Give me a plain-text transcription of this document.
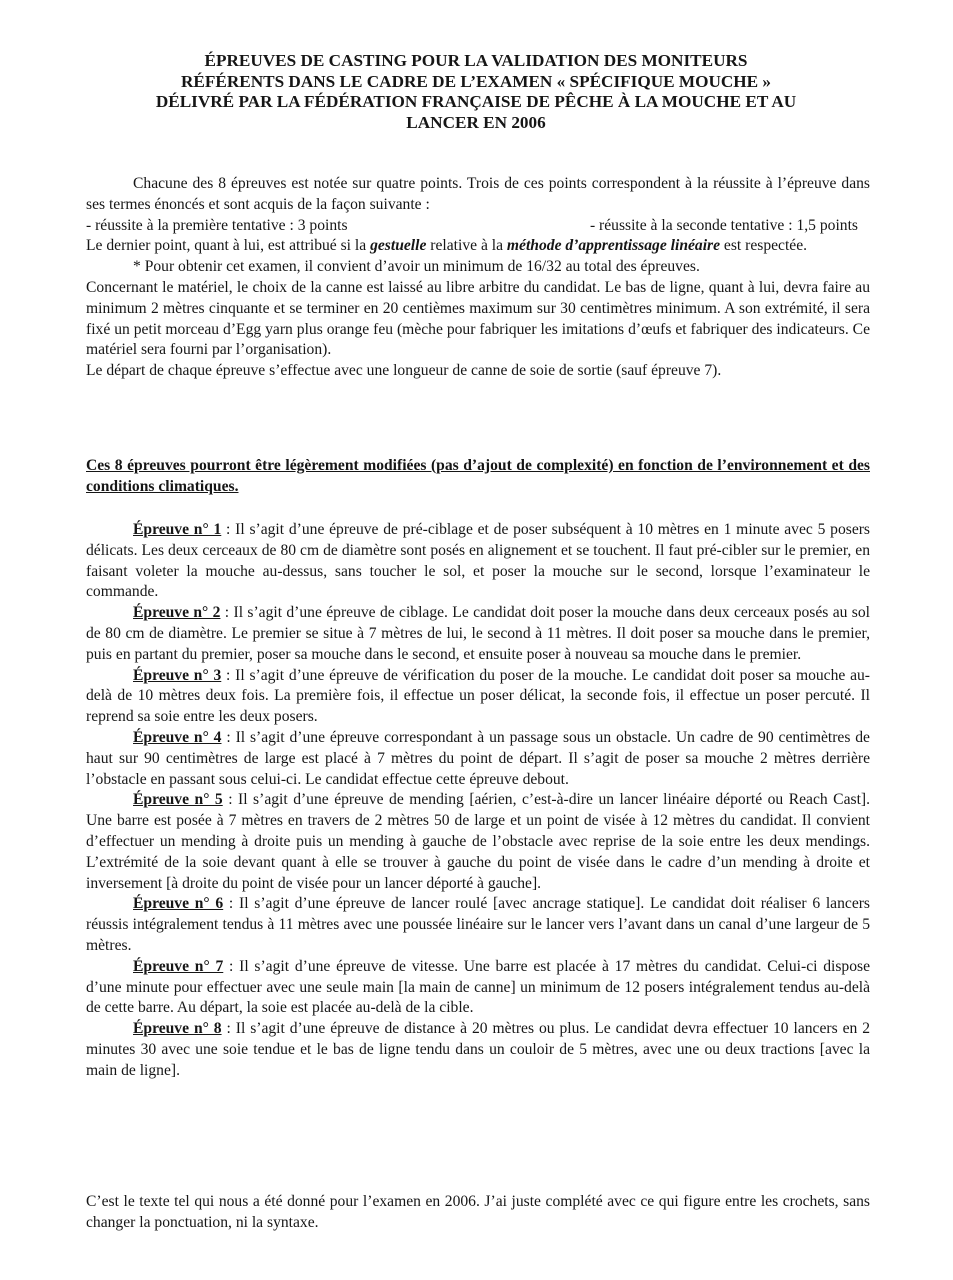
ÉPREUVES DE CASTING POUR LA VALIDATION DES MONITEURS
RÉFÉRENTS DANS LE CADRE DE L’EXAMEN « SPÉCIFIQUE MOUCHE »
DÉLIVRÉ PAR LA FÉDÉRATION FRANÇAISE DE PÊCHE À LA MOUCHE ET AU
LANCER EN 2006

Chacune des 8 épreuves est notée sur quatre points. Trois de ces points correspondent à la réussite à l’épreuve dans ses termes énoncés et sont acquis de la façon suivante :

- réussite à la première tentative : 3 points	- réussite à la seconde tentative : 1,5 points

Le dernier point, quant à lui, est attribué si la gestuelle relative à la méthode d’apprentissage linéaire est respectée.

* Pour obtenir cet examen, il convient d’avoir un minimum de 16/32 au total des épreuves.

Concernant le matériel, le choix de la canne est laissé au libre arbitre du candidat. Le bas de ligne, quant à lui, devra faire au minimum 2 mètres cinquante et se terminer en 20 centièmes maximum sur 30 centimètres minimum. A son extrémité, il sera fixé un petit morceau d’Egg yarn plus orange feu (mèche pour fabriquer les imitations d’œufs et fabriquer des indicateurs. Ce matériel sera fourni par l’organisation).

Le départ de chaque épreuve s’effectue avec une longueur de canne de soie de sortie (sauf épreuve 7).

Ces 8 épreuves pourront être légèrement modifiées (pas d’ajout de complexité) en fonction de l’environnement et des conditions climatiques.

Épreuve n° 1 : Il s’agit d’une épreuve de pré-ciblage et de poser subséquent à 10 mètres en 1 minute avec 5 posers délicats. Les deux cerceaux de 80 cm de diamètre sont posés en alignement et se touchent. Il faut pré-cibler sur le premier, en faisant voleter la mouche au-dessus, sans toucher le sol, et poser la mouche sur le second, lorsque l’examinateur le commande.

Épreuve n° 2 : Il s’agit d’une épreuve de ciblage. Le candidat doit poser la mouche dans deux cerceaux posés au sol de 80 cm de diamètre. Le premier se situe à 7 mètres de lui, le second à 11 mètres. Il doit poser sa mouche dans le premier, puis en partant du premier, poser sa mouche dans le second, et ensuite poser à nouveau sa mouche dans le premier.

Épreuve n° 3 : Il s’agit d’une épreuve de vérification du poser de la mouche. Le candidat doit poser sa mouche au-delà de 10 mètres deux fois. La première fois, il effectue un poser délicat, la seconde fois, il effectue un poser percuté. Il reprend sa soie entre les deux posers.

Épreuve n° 4 : Il s’agit d’une épreuve correspondant à un passage sous un obstacle. Un cadre de 90 centimètres de haut sur 90 centimètres de large est placé à 7 mètres du point de départ. Il s’agit de poser sa mouche 2 mètres derrière l’obstacle en passant sous celui-ci. Le candidat effectue cette épreuve debout.

Épreuve n° 5 : Il s’agit d’une épreuve de mending [aérien, c’est-à-dire un lancer linéaire déporté ou Reach Cast]. Une barre est posée à 7 mètres en travers de 2 mètres 50 de large et un point de visée à 12 mètres du candidat. Il convient d’effectuer un mending à droite puis un mending à gauche de l’obstacle avec reprise de la soie entre les deux mendings. L’extrémité de la soie devant quant à elle se trouver à gauche du point de visée dans le cadre d’un mending à droite et inversement [à droite du point de visée pour un lancer déporté à gauche].

Épreuve n° 6 : Il s’agit d’une épreuve de lancer roulé [avec ancrage statique]. Le candidat doit réaliser 6 lancers réussis intégralement tendus à 11 mètres avec une poussée linéaire sur le lancer vers l’avant dans un canal d’une largeur de 5 mètres.

Épreuve n° 7 : Il s’agit d’une épreuve de vitesse. Une barre est placée à 17 mètres du candidat. Celui-ci dispose d’une minute pour effectuer avec une seule main [la main de canne] un minimum de 12 posers intégralement tendus au-delà de cette barre. Au départ, la soie est placée au-delà de la cible.

Épreuve n° 8 : Il s’agit d’une épreuve de distance à 20 mètres ou plus. Le candidat devra effectuer 10 lancers en 2 minutes 30 avec une soie tendue et le bas de ligne tendu dans un couloir de 5 mètres, avec une ou deux tractions [avec la main de ligne].

C’est le texte tel qui nous a été donné pour l’examen en 2006. J’ai juste complété avec ce qui figure entre les crochets, sans changer la ponctuation, ni la syntaxe.
